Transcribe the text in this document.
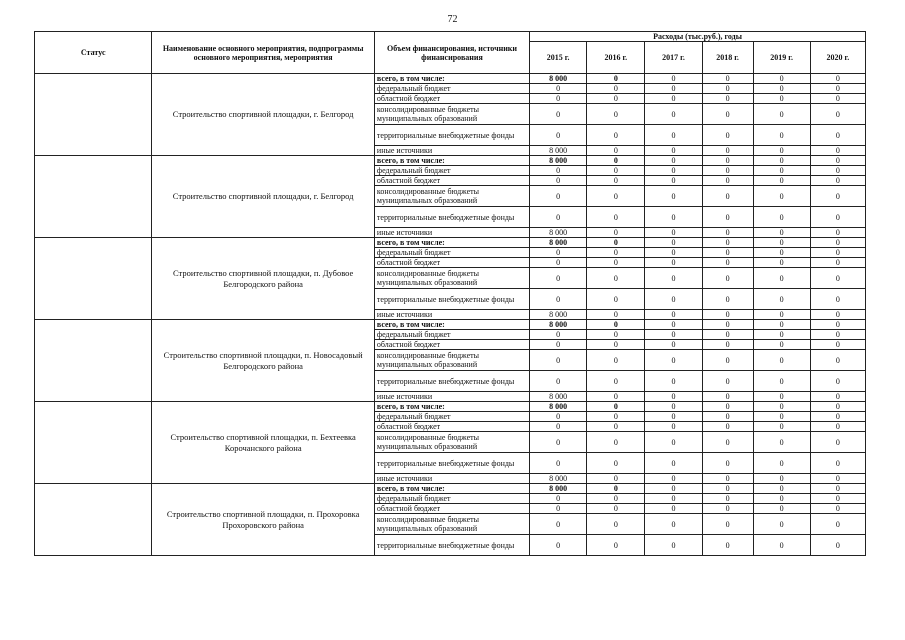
72
Статус	Наименование основного мероприятия, подпрограммы основного мероприятия, мероприятия	Объем финансирования, источники финансирования	Расходы (тыс.руб.), годы					
			2015 г.	2016 г.	2017 г.	2018 г.	2019 г.	2020 г.
	Строительство спортивной площадки, г. Белгород	всего, в том числе:	8 000	0	0	0	0	0
		федеральный бюджет	0	0	0	0	0	0
		областной бюджет	0	0	0	0	0	0
		консолидированные бюджеты муниципальных образований	0	0	0	0	0	0
		территориальные внебюджетные фонды	0	0	0	0	0	0
		иные источники	8 000	0	0	0	0	0
	Строительство спортивной площадки, г. Белгород	всего, в том числе:	8 000	0	0	0	0	0
		федеральный бюджет	0	0	0	0	0	0
		областной бюджет	0	0	0	0	0	0
		консолидированные бюджеты муниципальных образований	0	0	0	0	0	0
		территориальные внебюджетные фонды	0	0	0	0	0	0
		иные источники	8 000	0	0	0	0	0
	Строительство спортивной площадки, п. Дубовое Белгородского района	всего, в том числе:	8 000	0	0	0	0	0
		федеральный бюджет	0	0	0	0	0	0
		областной бюджет	0	0	0	0	0	0
		консолидированные бюджеты муниципальных образований	0	0	0	0	0	0
		территориальные внебюджетные фонды	0	0	0	0	0	0
		иные источники	8 000	0	0	0	0	0
	Строительство спортивной площадки, п. Новосадовый Белгородского района	всего, в том числе:	8 000	0	0	0	0	0
		федеральный бюджет	0	0	0	0	0	0
		областной бюджет	0	0	0	0	0	0
		консолидированные бюджеты муниципальных образований	0	0	0	0	0	0
		территориальные внебюджетные фонды	0	0	0	0	0	0
		иные источники	8 000	0	0	0	0	0
	Строительство спортивной площадки, п. Бехтеевка Корочанского района	всего, в том числе:	8 000	0	0	0	0	0
		федеральный бюджет	0	0	0	0	0	0
		областной бюджет	0	0	0	0	0	0
		консолидированные бюджеты муниципальных образований	0	0	0	0	0	0
		территориальные внебюджетные фонды	0	0	0	0	0	0
		иные источники	8 000	0	0	0	0	0
	Строительство спортивной площадки, п. Прохоровка Прохоровского района	всего, в том числе:	8 000	0	0	0	0	0
		федеральный бюджет	0	0	0	0	0	0
		областной бюджет	0	0	0	0	0	0
		консолидированные бюджеты муниципальных образований	0	0	0	0	0	0
		территориальные внебюджетные фонды	0	0	0	0	0	0
